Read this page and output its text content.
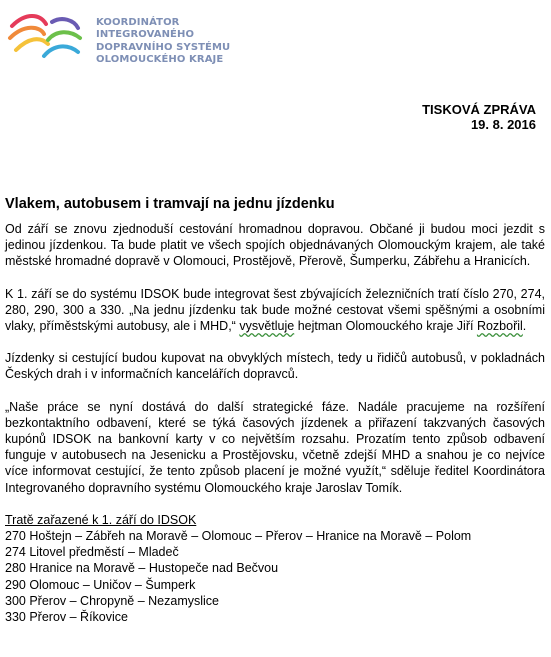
KOORDINÁTOR
INTEGROVANÉHO
DOPRAVNÍHO SYSTÉMU
OLOMOUCKÉHO KRAJE
TISKOVÁ ZPRÁVA
19. 8. 2016
Vlakem, autobusem i tramvají na jednu jízdenku

Od září se znovu zjednoduší cestování hromadnou dopravou. Občané ji budou moci jezdit s jedinou jízdenkou. Ta bude platit ve všech spojích objednávaných Olomouckým krajem, ale také městské hromadné dopravě v Olomouci, Prostějově, Přerově, Šumperku, Zábřehu a Hranicích.

K 1. září se do systému IDSOK bude integrovat šest zbývajících železničních tratí číslo 270, 274, 280, 290, 300 a 330. „Na jednu jízdenku tak bude možné cestovat všemi spěšnými a osobními vlaky, příměstskými autobusy, ale i MHD,“ vysvětluje hejtman Olomouckého kraje Jiří Rozbořil.

Jízdenky si cestující budou kupovat na obvyklých místech, tedy u řidičů autobusů, v pokladnách Českých drah i v informačních kancelářích dopravců.

„Naše práce se nyní dostává do další strategické fáze. Nadále pracujeme na rozšíření bezkontaktního odbavení, které se týká časových jízdenek a přiřazení takzvaných časových kupónů IDSOK na bankovní karty v co největším rozsahu. Prozatím tento způsob odbavení funguje v autobusech na Jesenicku a Prostějovsku, včetně zdejší MHD a snahou je co nejvíce více informovat cestující, že tento způsob placení je možné využít,“ sděluje ředitel Koordinátora Integrovaného dopravního systému Olomouckého kraje Jaroslav Tomík.

Tratě zařazené k 1. září do IDSOK
270 Hoštejn – Zábřeh na Moravě – Olomouc – Přerov – Hranice na Moravě – Polom
274 Litovel předměstí – Mladeč
280 Hranice na Moravě – Hustopeče nad Bečvou
290 Olomouc – Uničov – Šumperk
300 Přerov – Chropyně – Nezamyslice
330 Přerov – Říkovice
